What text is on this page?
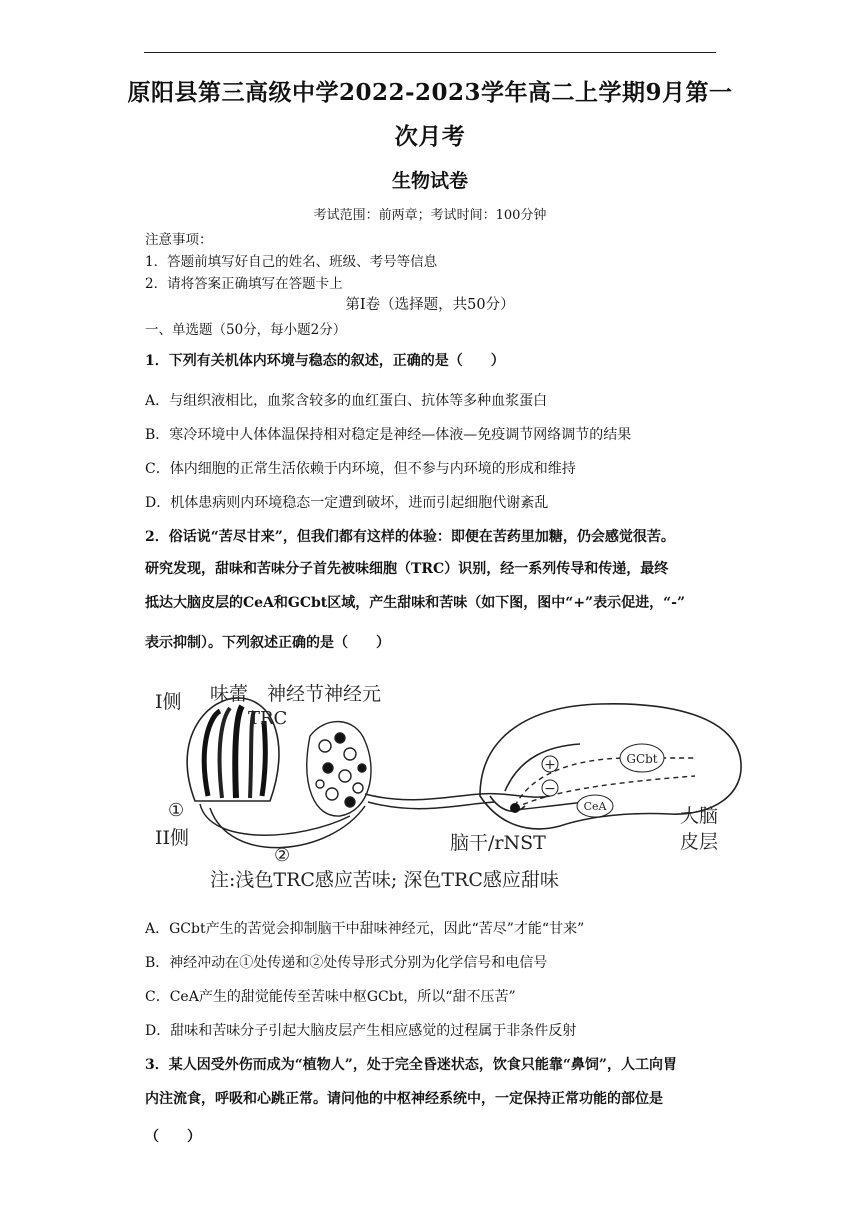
原阳县第三高级中学2022-2023学年高二上学期9月第一
次月考
生物试卷
考试范围：前两章；考试时间：100分钟
注意事项：
1．答题前填写好自己的姓名、班级、考号等信息
2．请将答案正确填写在答题卡上
第I卷（选择题，共50分）
一、单选题（50分，每小题2分）
1．下列有关机体内环境与稳态的叙述，正确的是（　　）
A．与组织液相比，血浆含较多的血红蛋白、抗体等多种血浆蛋白
B．寒冷环境中人体体温保持相对稳定是神经—体液—免疫调节网络调节的结果
C．体内细胞的正常生活依赖于内环境，但不参与内环境的形成和维持
D．机体患病则内环境稳态一定遭到破坏，进而引起细胞代谢紊乱
2．俗话说“苦尽甘来”，但我们都有这样的体验：即便在苦药里加糖，仍会感觉很苦。
研究发现，甜味和苦味分子首先被味细胞（TRC）识别，经一系列传导和传递，最终
抵达大脑皮层的CeA和GCbt区域，产生甜味和苦味（如下图，图中“+”表示促进，“-”
表示抑制）。下列叙述正确的是（　　）
+
−
GCbt
CeA
I侧
II侧
味蕾 神经节神经元
TRC
①
②
脑干/rNST
大脑
皮层
注:浅色TRC感应苦味; 深色TRC感应甜味
A．GCbt产生的苦觉会抑制脑干中甜味神经元，因此“苦尽”才能“甘来”
B．神经冲动在①处传递和②处传导形式分别为化学信号和电信号
C．CeA产生的甜觉能传至苦味中枢GCbt，所以“甜不压苦”
D．甜味和苦味分子引起大脑皮层产生相应感觉的过程属于非条件反射
3．某人因受外伤而成为“植物人”，处于完全昏迷状态，饮食只能靠“鼻饲”，人工向胃
内注流食，呼吸和心跳正常。请问他的中枢神经系统中，一定保持正常功能的部位是
（　　）
